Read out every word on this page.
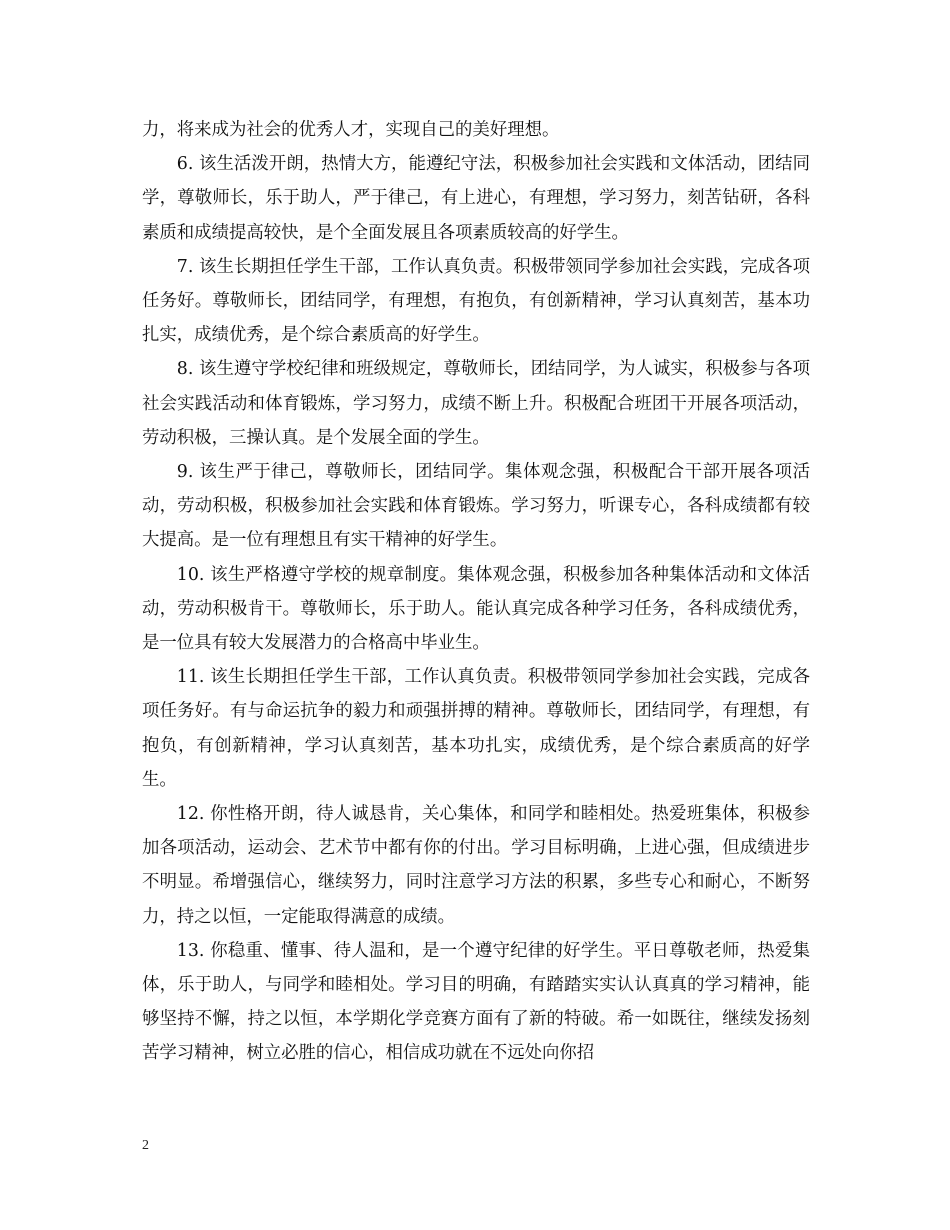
力，将来成为社会的优秀人才，实现自己的美好理想。

6. 该生活泼开朗，热情大方，能遵纪守法，积极参加社会实践和文体活动，团结同学，尊敬师长，乐于助人，严于律己，有上进心，有理想，学习努力，刻苦钻研，各科素质和成绩提高较快，是个全面发展且各项素质较高的好学生。

7. 该生长期担任学生干部，工作认真负责。积极带领同学参加社会实践，完成各项任务好。尊敬师长，团结同学，有理想，有抱负，有创新精神，学习认真刻苦，基本功扎实，成绩优秀，是个综合素质高的好学生。

8. 该生遵守学校纪律和班级规定，尊敬师长，团结同学，为人诚实，积极参与各项社会实践活动和体育锻炼，学习努力，成绩不断上升。积极配合班团干开展各项活动，劳动积极，三操认真。是个发展全面的学生。

9. 该生严于律己，尊敬师长，团结同学。集体观念强，积极配合干部开展各项活动，劳动积极，积极参加社会实践和体育锻炼。学习努力，听课专心，各科成绩都有较大提高。是一位有理想且有实干精神的好学生。

10. 该生严格遵守学校的规章制度。集体观念强，积极参加各种集体活动和文体活动，劳动积极肯干。尊敬师长，乐于助人。能认真完成各种学习任务，各科成绩优秀，是一位具有较大发展潜力的合格高中毕业生。

11. 该生长期担任学生干部，工作认真负责。积极带领同学参加社会实践，完成各项任务好。有与命运抗争的毅力和顽强拼搏的精神。尊敬师长，团结同学，有理想，有抱负，有创新精神，学习认真刻苦，基本功扎实，成绩优秀，是个综合素质高的好学生。

12. 你性格开朗，待人诚恳肯，关心集体，和同学和睦相处。热爱班集体，积极参加各项活动，运动会、艺术节中都有你的付出。学习目标明确，上进心强，但成绩进步不明显。希增强信心，继续努力，同时注意学习方法的积累，多些专心和耐心，不断努力，持之以恒，一定能取得满意的成绩。

13. 你稳重、懂事、待人温和，是一个遵守纪律的好学生。平日尊敬老师，热爱集体，乐于助人，与同学和睦相处。学习目的明确，有踏踏实实认认真真的学习精神，能够坚持不懈，持之以恒，本学期化学竞赛方面有了新的特破。希一如既往，继续发扬刻苦学习精神，树立必胜的信心，相信成功就在不远处向你招

2
